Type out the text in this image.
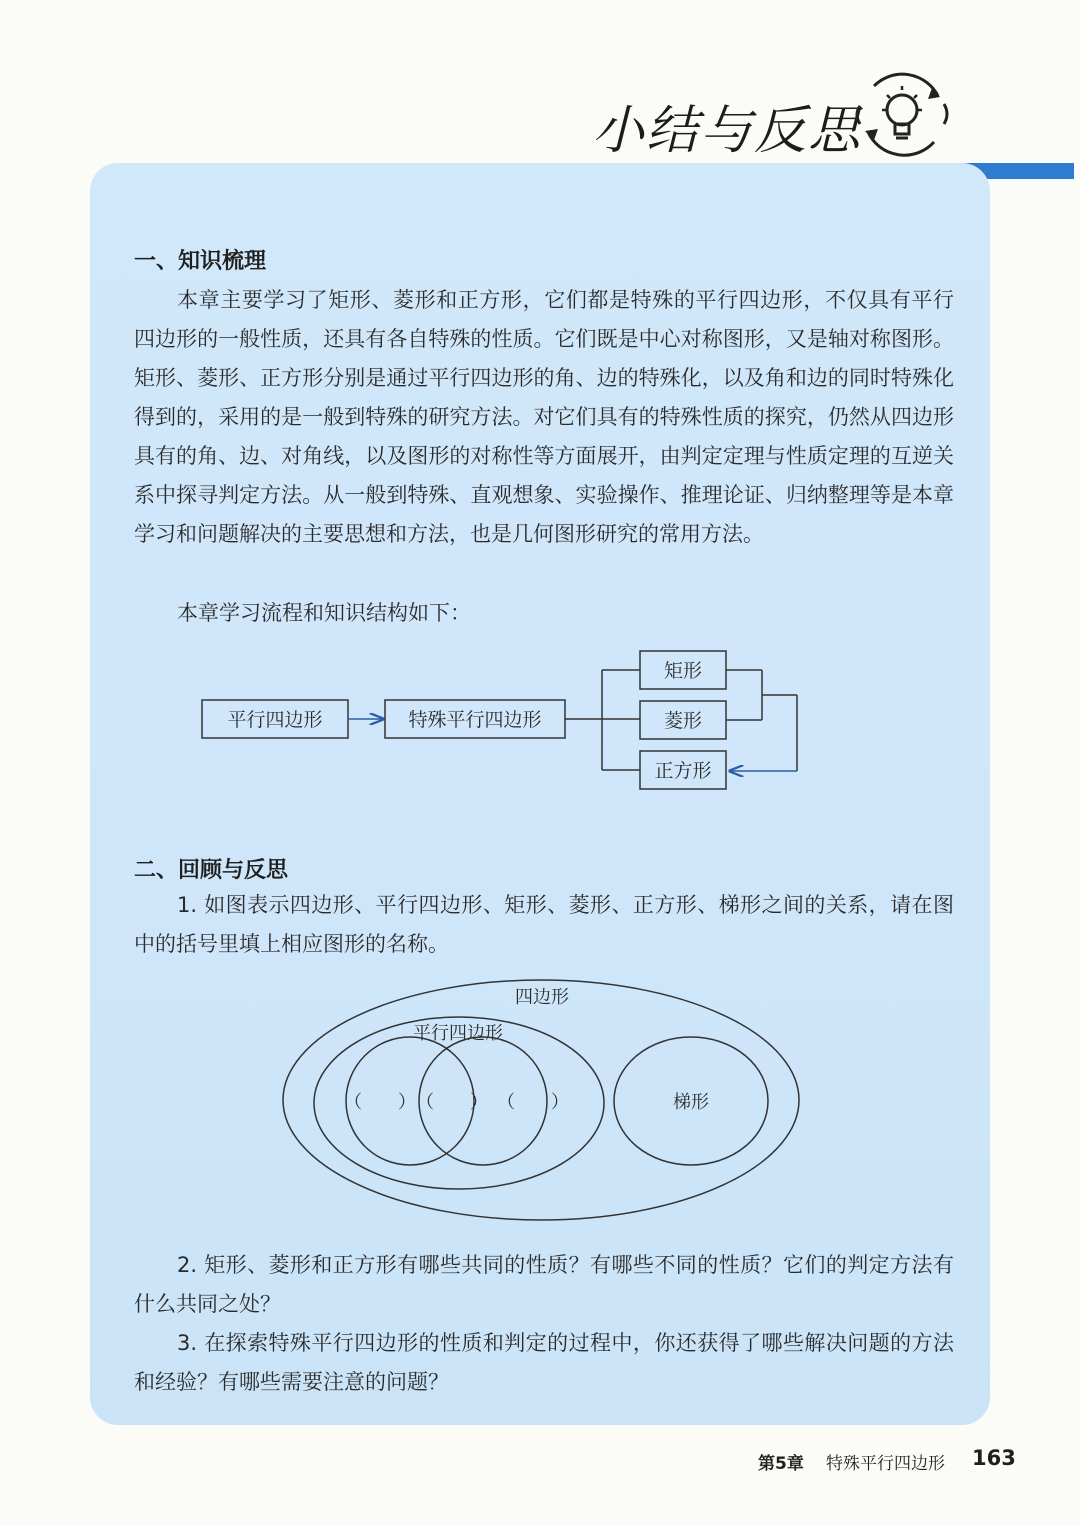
小结与反思
一、知识梳理

本章主要学习了矩形、菱形和正方形，它们都是特殊的平行四边形，不仅具有平行四边形的一般性质，还具有各自特殊的性质。它们既是中心对称图形，又是轴对称图形。矩形、菱形、正方形分别是通过平行四边形的角、边的特殊化，以及角和边的同时特殊化得到的，采用的是一般到特殊的研究方法。对它们具有的特殊性质的探究，仍然从四边形具有的角、边、对角线，以及图形的对称性等方面展开，由判定定理与性质定理的互逆关系中探寻判定方法。从一般到特殊、直观想象、实验操作、推理论证、归纳整理等是本章学习和问题解决的主要思想和方法，也是几何图形研究的常用方法。

本章学习流程和知识结构如下：

平行四边形	特殊平行四边形
矩形
菱形
正方形
二、回顾与反思

1. 如图表示四边形、平行四边形、矩形、菱形、正方形、梯形之间的关系，请在图中的括号里填上相应图形的名称。

四边形
平行四边形
（　　） （　　） （　　）	梯形

2. 矩形、菱形和正方形有哪些共同的性质？有哪些不同的性质？它们的判定方法有什么共同之处？

3. 在探索特殊平行四边形的性质和判定的过程中，你还获得了哪些解决问题的方法和经验？有哪些需要注意的问题？

第5章 特殊平行四边形 163
